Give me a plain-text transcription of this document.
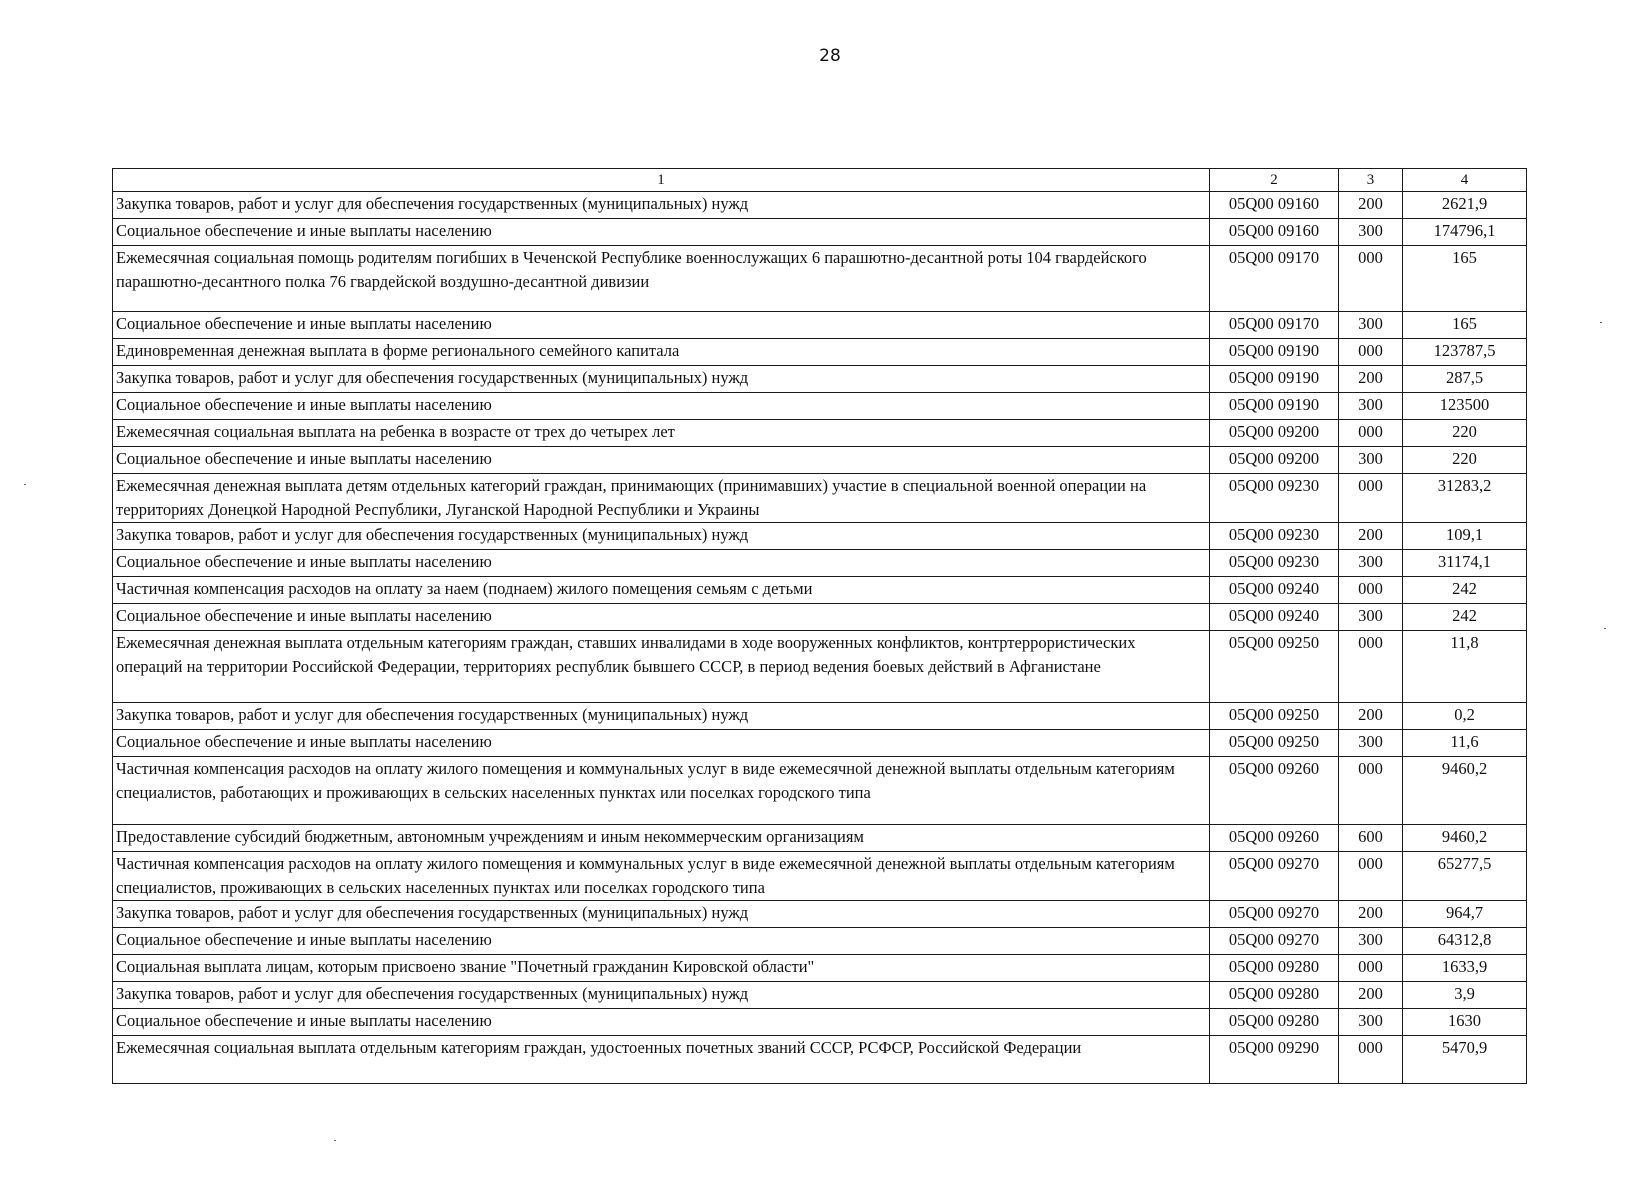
28
1	2	3	4
Закупка товаров, работ и услуг для обеспечения государственных (муниципальных) нужд	05Q00 09160	200	2621,9
Социальное обеспечение и иные выплаты населению	05Q00 09160	300	174796,1
Ежемесячная социальная помощь родителям погибших в Чеченской Республике военнослужащих 6 парашютно-десантной роты 104 гвардейского парашютно-десантного полка 76 гвардейской воздушно-десантной дивизии	05Q00 09170	000	165
Социальное обеспечение и иные выплаты населению	05Q00 09170	300	165
Единовременная денежная выплата в форме регионального семейного капитала	05Q00 09190	000	123787,5
Закупка товаров, работ и услуг для обеспечения государственных (муниципальных) нужд	05Q00 09190	200	287,5
Социальное обеспечение и иные выплаты населению	05Q00 09190	300	123500
Ежемесячная социальная выплата на ребенка в возрасте от трех до четырех лет	05Q00 09200	000	220
Социальное обеспечение и иные выплаты населению	05Q00 09200	300	220
Ежемесячная денежная выплата детям отдельных категорий граждан, принимающих (принимавших) участие в специальной военной операции на территориях Донецкой Народной Республики, Луганской Народной Республики и Украины	05Q00 09230	000	31283,2
Закупка товаров, работ и услуг для обеспечения государственных (муниципальных) нужд	05Q00 09230	200	109,1
Социальное обеспечение и иные выплаты населению	05Q00 09230	300	31174,1
Частичная компенсация расходов на оплату за наем (поднаем) жилого помещения семьям с детьми	05Q00 09240	000	242
Социальное обеспечение и иные выплаты населению	05Q00 09240	300	242
Ежемесячная денежная выплата отдельным категориям граждан, ставших инвалидами в ходе вооруженных конфликтов, контртеррористических операций на территории Российской Федерации, территориях республик бывшего СССР, в период ведения боевых действий в Афганистане	05Q00 09250	000	11,8
Закупка товаров, работ и услуг для обеспечения государственных (муниципальных) нужд	05Q00 09250	200	0,2
Социальное обеспечение и иные выплаты населению	05Q00 09250	300	11,6
Частичная компенсация расходов на оплату жилого помещения и коммунальных услуг в виде ежемесячной денежной выплаты отдельным категориям специалистов, работающих и проживающих в сельских населенных пунктах или поселках городского типа	05Q00 09260	000	9460,2
Предоставление субсидий бюджетным, автономным учреждениям и иным некоммерческим организациям	05Q00 09260	600	9460,2
Частичная компенсация расходов на оплату жилого помещения и коммунальных услуг в виде ежемесячной денежной выплаты отдельным категориям специалистов, проживающих в сельских населенных пунктах или поселках городского типа	05Q00 09270	000	65277,5
Закупка товаров, работ и услуг для обеспечения государственных (муниципальных) нужд	05Q00 09270	200	964,7
Социальное обеспечение и иные выплаты населению	05Q00 09270	300	64312,8
Социальная выплата лицам, которым присвоено звание "Почетный гражданин Кировской области"	05Q00 09280	000	1633,9
Закупка товаров, работ и услуг для обеспечения государственных (муниципальных) нужд	05Q00 09280	200	3,9
Социальное обеспечение и иные выплаты населению	05Q00 09280	300	1630
Ежемесячная социальная выплата отдельным категориям граждан, удостоенных почетных званий СССР, РСФСР, Российской Федерации	05Q00 09290	000	5470,9
